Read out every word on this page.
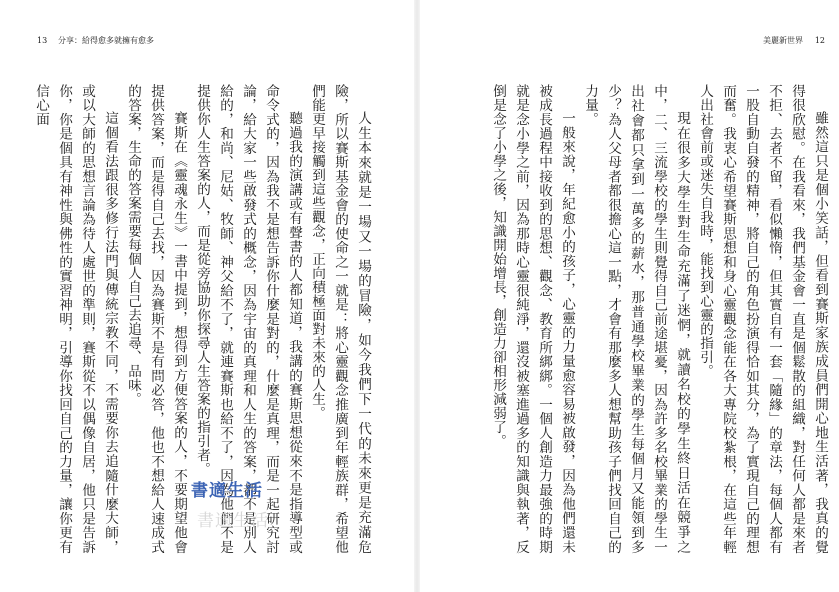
13 分享：給得愈多就擁有愈多

人生本來就是一場又一場的冒險，如今我們下一代的未來更是充滿危險，所以賽斯基金會的使命之一就是：將心靈觀念推廣到年輕族群，希望他們能更早接觸到這些觀念，正向積極面對未來的人生。

聽過我的演講或有聲書的人都知道，我講的賽斯思想從來不是指導型或命令式的，因為我不是想告訴你什麼是對的，什麼是真理，而是一起研究討論，給大家一些啟發式的概念，因為宇宙的真理和人生的答案，都不是別人給的，和尚、尼姑、牧師、神父給不了，就連賽斯也給不了，因為他們不是提供你人生答案的人，而是從旁協助你探尋人生答案的指引者。

賽斯在《靈魂永生》一書中提到，想得到方便答案的人，不要期望他會提供答案，而是得自己去找，因為賽斯不是有問必答，他也不想給人速成式的答案，生命的答案需要每個人自己去追尋、品味。

這個看法跟很多修行法門與傳統宗教不同，不需要你去追隨什麼大師，或以大師的思想言論為待人處世的準則，賽斯從不以偶像自居，他只是告訴你，你是個具有神性與佛性的實習神明，引導你找回自己的力量，讓你更有信心面

美麗新世界 12

雖然這只是個小笑話，但看到賽斯家族成員們開心地生活著，我真的覺得很欣慰。在我看來，我們基金會一直是個鬆散的組織，對任何人都是來者不拒、去者不留，看似懶惰，但其實自有一套「隨緣」的章法，每個人都有一股自動自發的精神，將自己的角色扮演得恰如其分，為了實現自己的理想而奮。我衷心希望賽斯思想和身心靈觀念能在各大專院校紮根，在這些年輕人出社會前或迷失自我時，能找到心靈的指引。

現在很多大學生對生命充滿了迷惘，就讀名校的學生終日活在競爭之中，二、三流學校的學生則覺得自己前途堪憂，因為許多名校畢業的學生一出社會都只拿到一萬多的薪水，那普通學校畢業的學生每個月又能領到多少？為人父母者都很擔心這一點，才會有那麼多人想幫助孩子們找回自己的力量。

一般來說，年紀愈小的孩子，心靈的力量愈容易被啟發，因為他們還未被成長過程中接收到的思想、觀念、教育所綁綁。一個人創造力最強的時期就是念小學之前，因為那時心靈很純淨，還沒被塞進過多的知識與執著，反倒是念了小學之後，知識開始增長，創造力卻相形減弱了。

書適生活
書適生活
